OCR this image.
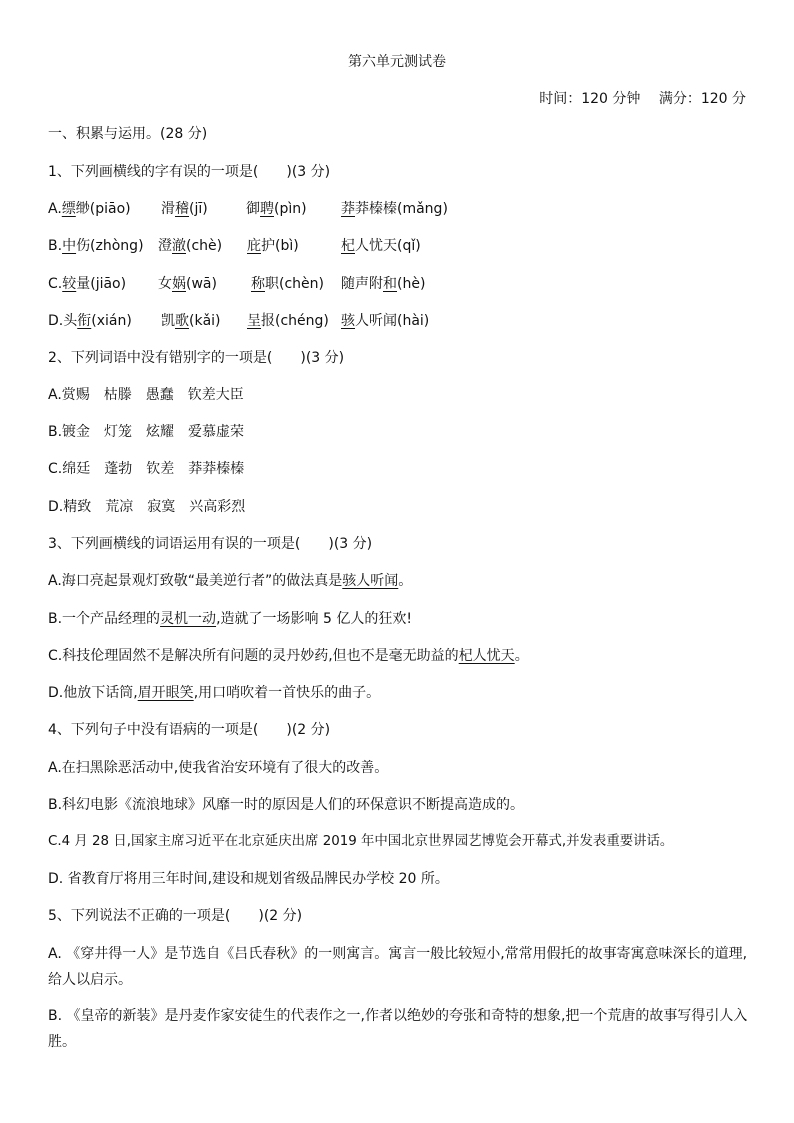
第六单元测试卷
时间：120 分钟　 满分：120 分
一、积累与运用。(28 分)
1、下列画横线的字有误的一项是(　　)(3 分)
A.缥缈(piāo) 滑稽(jī)	御聘(pìn) 莽莽榛榛(mǎng)
B.中伤(zhòng) 澄澈(chè) 庇护(bì)	杞人忧天(qǐ)
C.较量(jiāo) 女娲(wā) 称职(chèn) 随声附和(hè)
D.头衔(xián) 凯歌(kǎi) 呈报(chéng) 骇人听闻(hài)
2、下列词语中没有错别字的一项是(　　)(3 分)
A.赏赐　枯滕　愚蠢　钦差大臣
B.镀金　灯笼　炫耀　爱慕虚荣
C.绵廷　蓬勃　钦差　莽莽榛榛
D.精致　荒凉　寂寞　兴高彩烈
3、下列画横线的词语运用有误的一项是(　　)(3 分)
A.海口亮起景观灯致敬“最美逆行者”的做法真是骇人听闻。
B.一个产品经理的灵机一动,造就了一场影响 5 亿人的狂欢!
C.科技伦理固然不是解决所有问题的灵丹妙药,但也不是毫无助益的杞人忧天。
D.他放下话筒,眉开眼笑,用口哨吹着一首快乐的曲子。
4、下列句子中没有语病的一项是(　　)(2 分)
A.在扫黑除恶活动中,使我省治安环境有了很大的改善。
B.科幻电影《流浪地球》风靡一时的原因是人们的环保意识不断提高造成的。
C.4 月 28 日,国家主席习近平在北京延庆出席 2019 年中国北京世界园艺博览会开幕式,并发表重要讲话。
D. 省教育厅将用三年时间,建设和规划省级品牌民办学校 20 所。
5、下列说法不正确的一项是(　　)(2 分)
A. 《穿井得一人》是节选自《吕氏春秋》的一则寓言。寓言一般比较短小,常常用假托的故事寄寓意味深长的道理,给人以启示。
B. 《皇帝的新装》是丹麦作家安徒生的代表作之一,作者以绝妙的夸张和奇特的想象,把一个荒唐的故事写得引人入胜。
